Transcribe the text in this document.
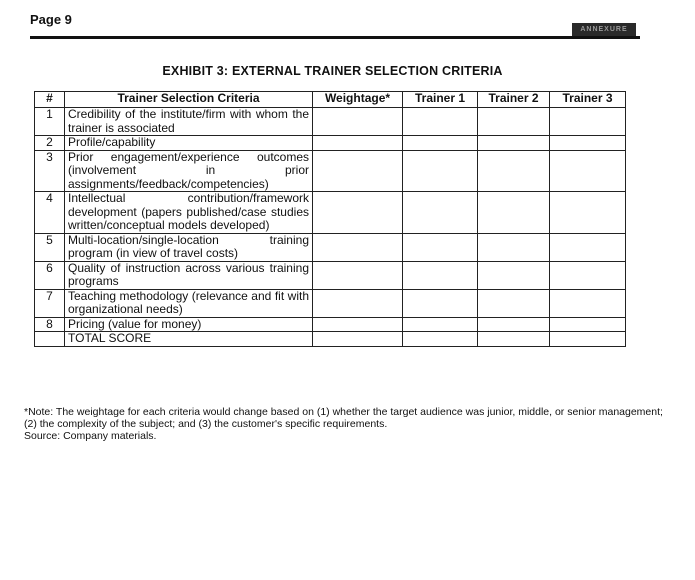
Page 9
ANNEXURE
EXHIBIT 3: EXTERNAL TRAINER SELECTION CRITERIA
#	Trainer Selection Criteria	Weightage*	Trainer 1	Trainer 2	Trainer 3
1	Credibility of the institute/firm with whom the trainer is associated				
2	Profile/capability				
3	Prior engagement/experience outcomes (involvement in prior assignments/feedback/competencies)				
4	Intellectual contribution/framework development (papers published/case studies written/conceptual models developed)				
5	Multi-location/single-location training program (in view of travel costs)				
6	Quality of instruction across various training programs				
7	Teaching methodology (relevance and fit with organizational needs)				
8	Pricing (value for money)				
	TOTAL SCORE				
*Note: The weightage for each criteria would change based on (1) whether the target audience was junior, middle, or senior management; (2) the complexity of the subject; and (3) the customer's specific requirements.
Source: Company materials.
